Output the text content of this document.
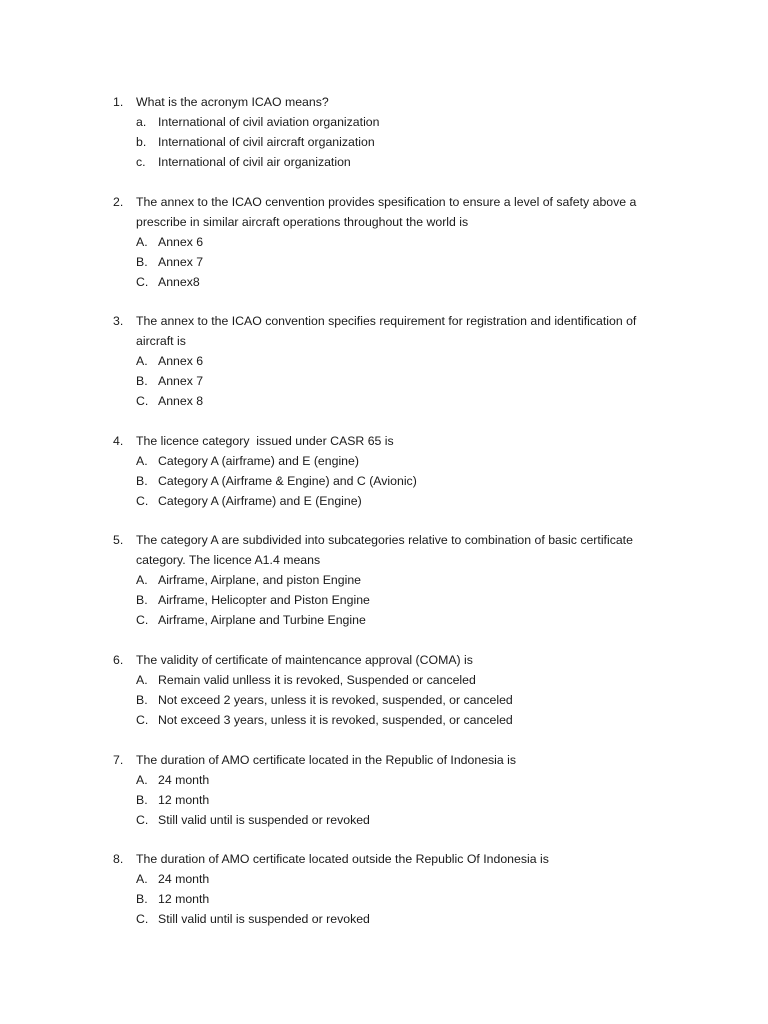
1.	What is the acronym ICAO means?
a. International of civil aviation organization
b. International of civil aircraft organization
c. International of civil air organization
2.	The annex to the ICAO cenvention provides spesification to ensure a level of safety above a prescribe in similar aircraft operations throughout the world is
A. Annex 6
B. Annex 7
C. Annex8
3.	The annex to the ICAO convention specifies requirement for registration and identification of aircraft is
A. Annex 6
B. Annex 7
C. Annex 8
4.	The licence category  issued under CASR 65 is
A. Category A (airframe) and E (engine)
B. Category A (Airframe & Engine) and C (Avionic)
C. Category A (Airframe) and E (Engine)
5.	The category A are subdivided into subcategories relative to combination of basic certificate category. The licence A1.4 means
A. Airframe, Airplane, and piston Engine
B. Airframe, Helicopter and Piston Engine
C. Airframe, Airplane and Turbine Engine
6.	The validity of certificate of maintencance approval (COMA) is
A. Remain valid unlless it is revoked, Suspended or canceled
B. Not exceed 2 years, unless it is revoked, suspended, or canceled
C. Not exceed 3 years, unless it is revoked, suspended, or canceled
7.	The duration of AMO certificate located in the Republic of Indonesia is
A. 24 month
B. 12 month
C. Still valid until is suspended or revoked
8.	The duration of AMO certificate located outside the Republic Of Indonesia is
A. 24 month
B. 12 month
C. Still valid until is suspended or revoked
